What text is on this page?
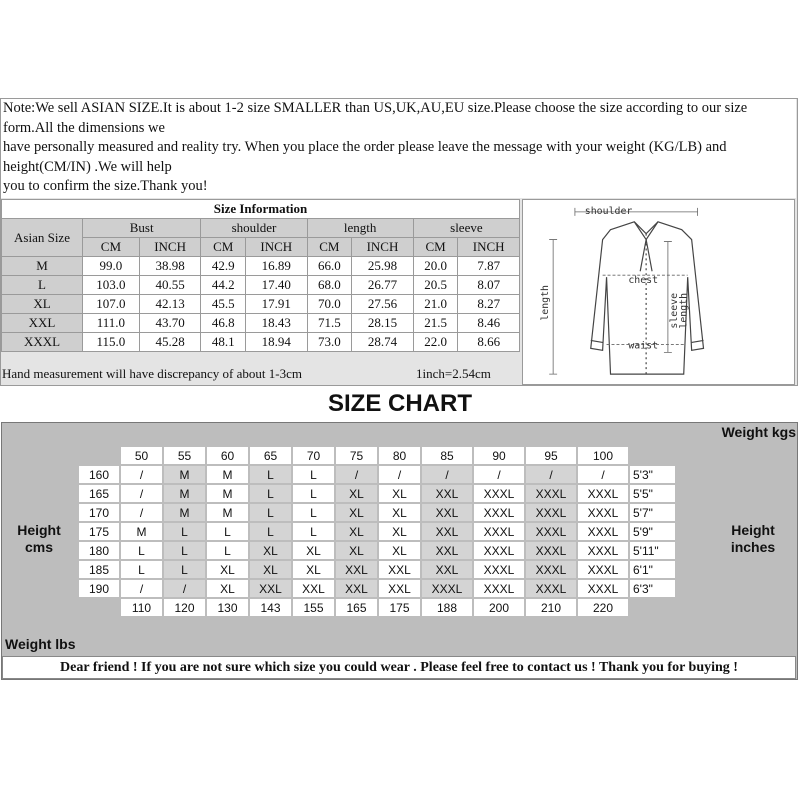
Note:We sell ASIAN SIZE.It is about 1-2 size SMALLER than US,UK,AU,EU size.Please choose the size according to our size
form.All the dimensions we
have personally measured and reality try. When you place the order please leave the message with your weight (KG/LB) and
height(CM/IN) .We will help
you to confirm the size.Thank you!
Size Information								
Asian Size	Bust		shoulder		length		sleeve	
	CM	INCH	CM	INCH	CM	INCH	CM	INCH
M	99.0	38.98	42.9	16.89	66.0	25.98	20.0	7.87
L	103.0	40.55	44.2	17.40	68.0	26.77	20.5	8.07
XL	107.0	42.13	45.5	17.91	70.0	27.56	21.0	8.27
XXL	111.0	43.70	46.8	18.43	71.5	28.15	21.5	8.46
XXXL	115.0	45.28	48.1	18.94	73.0	28.74	22.0	8.66
Hand measurement will have discrepancy of about 1-3cm	1inch=2.54cm
shoulder
chest
waist
length	sleeve
length
SIZE CHART
Weight kgs
Height
cms
Height
inches
	50	55	60	65	70	75	80	85	90	95	100	
160	/	M	M	L	L	/	/	/	/	/	/	5'3"
165	/	M	M	L	L	XL	XL	XXL	XXXL	XXXL	XXXL	5'5"
170	/	M	M	L	L	XL	XL	XXL	XXXL	XXXL	XXXL	5'7"
175	M	L	L	L	L	XL	XL	XXL	XXXL	XXXL	XXXL	5'9"
180	L	L	L	XL	XL	XL	XL	XXL	XXXL	XXXL	XXXL	5'11"
185	L	L	XL	XL	XL	XXL	XXL	XXL	XXXL	XXXL	XXXL	6'1"
190	/	/	XL	XXL	XXL	XXL	XXL	XXXL	XXXL	XXXL	XXXL	6'3"
	110	120	130	143	155	165	175	188	200	210	220	
Weight lbs
Dear friend ! If you are not sure which size you could wear . Please feel free to contact us ! Thank you for buying !
